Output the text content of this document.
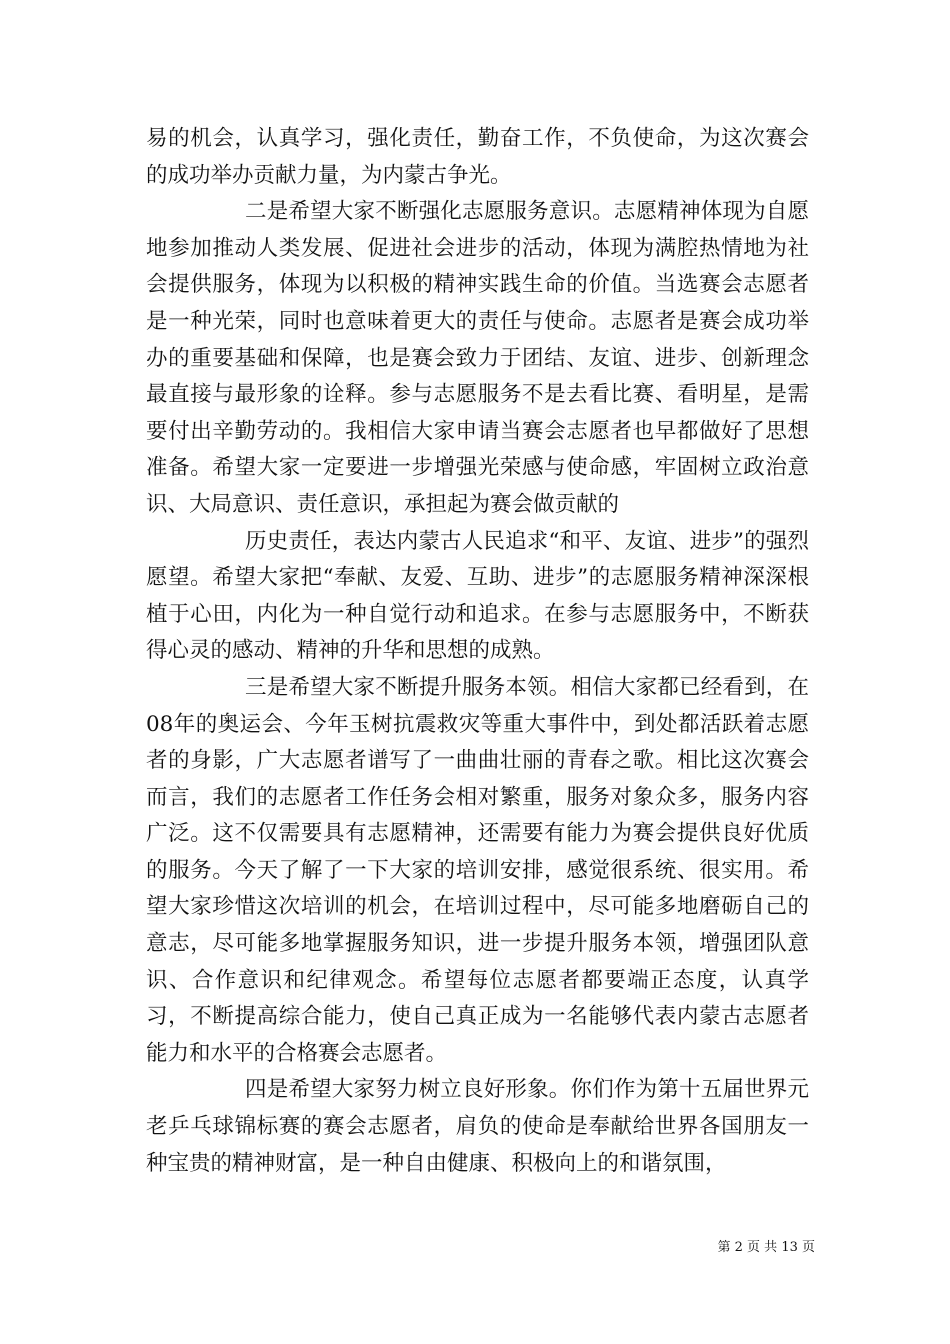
易的机会，认真学习，强化责任，勤奋工作，不负使命，为这次赛会的成功举办贡献力量，为内蒙古争光。

二是希望大家不断强化志愿服务意识。志愿精神体现为自愿地参加推动人类发展、促进社会进步的活动，体现为满腔热情地为社会提供服务，体现为以积极的精神实践生命的价值。当选赛会志愿者是一种光荣，同时也意味着更大的责任与使命。志愿者是赛会成功举办的重要基础和保障，也是赛会致力于团结、友谊、进步、创新理念最直接与最形象的诠释。参与志愿服务不是去看比赛、看明星，是需要付出辛勤劳动的。我相信大家申请当赛会志愿者也早都做好了思想准备。希望大家一定要进一步增强光荣感与使命感，牢固树立政治意识、大局意识、责任意识，承担起为赛会做贡献的

历史责任，表达内蒙古人民追求“和平、友谊、进步”的强烈愿望。希望大家把“奉献、友爱、互助、进步”的志愿服务精神深深根植于心田，内化为一种自觉行动和追求。在参与志愿服务中，不断获得心灵的感动、精神的升华和思想的成熟。

三是希望大家不断提升服务本领。相信大家都已经看到，在08年的奥运会、今年玉树抗震救灾等重大事件中，到处都活跃着志愿者的身影，广大志愿者谱写了一曲曲壮丽的青春之歌。相比这次赛会而言，我们的志愿者工作任务会相对繁重，服务对象众多，服务内容广泛。这不仅需要具有志愿精神，还需要有能力为赛会提供良好优质的服务。今天了解了一下大家的培训安排，感觉很系统、很实用。希望大家珍惜这次培训的机会，在培训过程中，尽可能多地磨砺自己的意志，尽可能多地掌握服务知识，进一步提升服务本领，增强团队意识、合作意识和纪律观念。希望每位志愿者都要端正态度，认真学习，不断提高综合能力，使自己真正成为一名能够代表内蒙古志愿者能力和水平的合格赛会志愿者。

四是希望大家努力树立良好形象。你们作为第十五届世界元老乒乓球锦标赛的赛会志愿者，肩负的使命是奉献给世界各国朋友一种宝贵的精神财富，是一种自由健康、积极向上的和谐氛围，

第 2 页 共 13 页
